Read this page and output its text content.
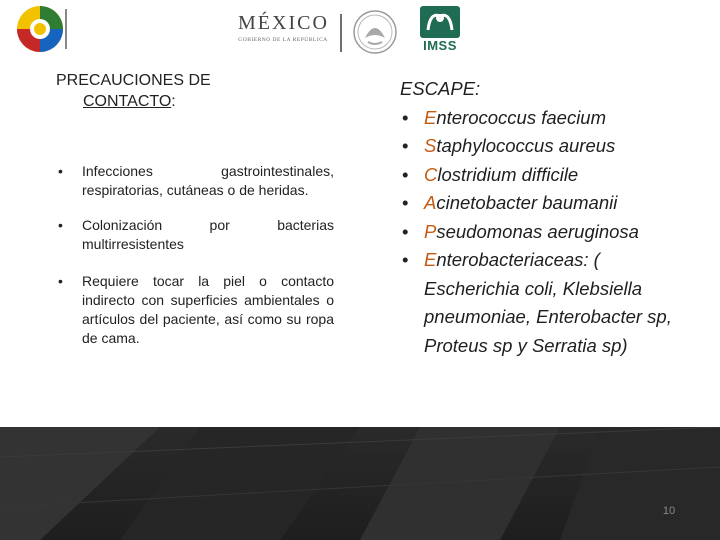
MÉXICO
GOBIERNO DE LA REPÚBLICA	IMSS
PRECAUCIONES DE
CONTACTO:
• Infecciones gastrointestinales, respiratorias, cutáneas o de heridas.
• Colonización por bacterias multirresistentes
• Requiere tocar la piel o contacto indirecto con superficies ambientales o artículos del paciente, así como su ropa de cama.
ESCAPE:
• Enterococcus faecium
• Staphylococcus aureus
• Clostridium difficile
• Acinetobacter baumanii
• Pseudomonas aeruginosa
• Enterobacteriaceas: ( Escherichia coli, Klebsiella pneumoniae, Enterobacter sp, Proteus sp y Serratia sp)
10
